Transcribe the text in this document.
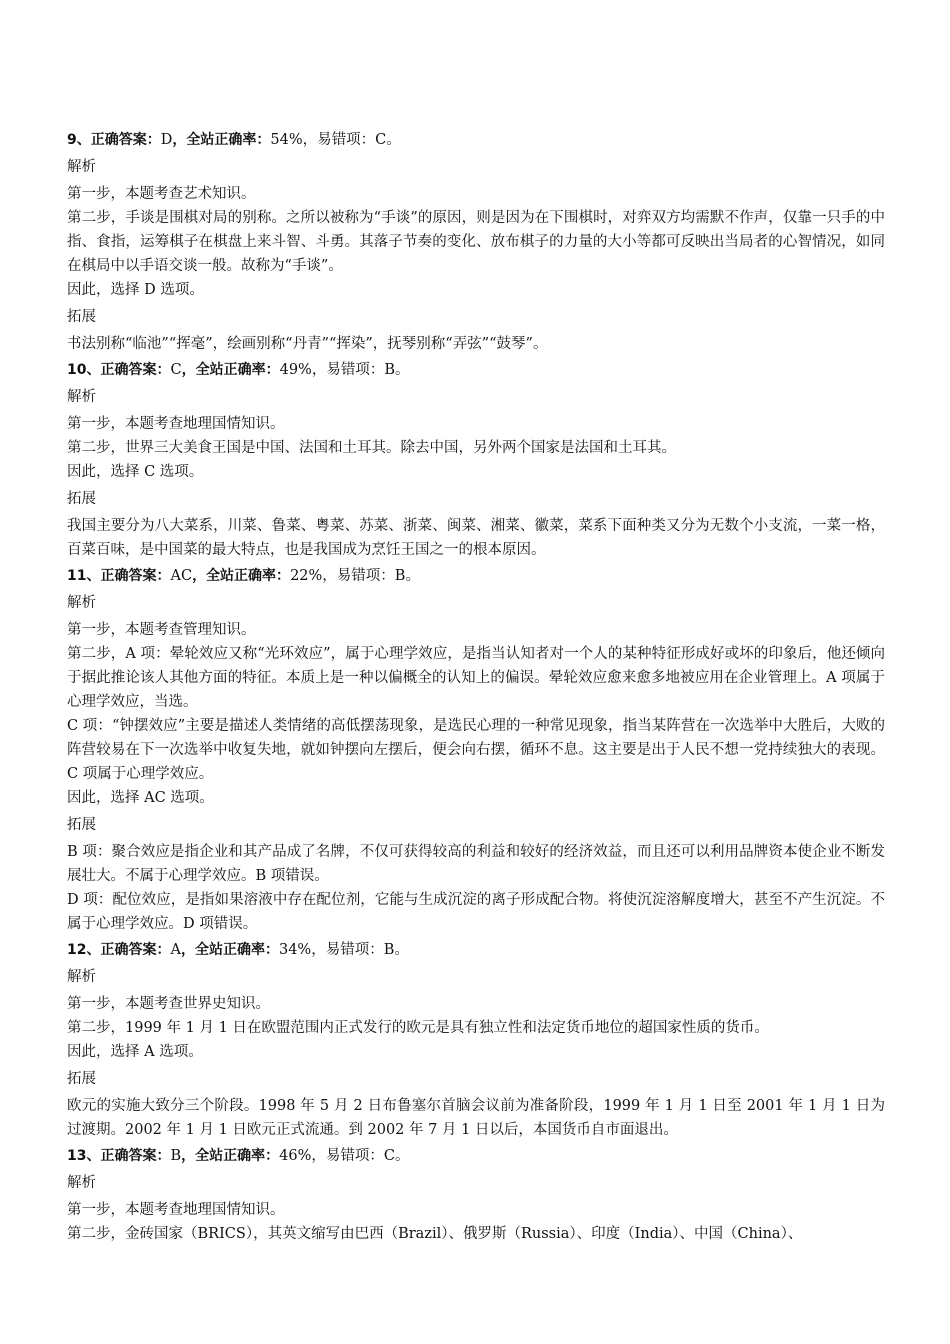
9、正确答案：D，全站正确率：54%，易错项：C。

解析

第一步，本题考查艺术知识。

第二步，手谈是围棋对局的别称。之所以被称为“手谈”的原因，则是因为在下围棋时，对弈双方均需默不作声，仅靠一只手的中指、食指，运筹棋子在棋盘上来斗智、斗勇。其落子节奏的变化、放布棋子的力量的大小等都可反映出当局者的心智情况，如同在棋局中以手语交谈一般。故称为“手谈”。

因此，选择 D 选项。

拓展

书法别称“临池”“挥毫”，绘画别称“丹青”“挥染”，抚琴别称“弄弦”“鼓琴”。

10、正确答案：C，全站正确率：49%，易错项：B。

解析

第一步，本题考查地理国情知识。

第二步，世界三大美食王国是中国、法国和土耳其。除去中国，另外两个国家是法国和土耳其。

因此，选择 C 选项。

拓展

我国主要分为八大菜系，川菜、鲁菜、粤菜、苏菜、浙菜、闽菜、湘菜、徽菜，菜系下面种类又分为无数个小支流，一菜一格，百菜百味，是中国菜的最大特点，也是我国成为烹饪王国之一的根本原因。

11、正确答案：AC，全站正确率：22%，易错项：B。

解析

第一步，本题考查管理知识。

第二步，A 项：晕轮效应又称“光环效应”，属于心理学效应，是指当认知者对一个人的某种特征形成好或坏的印象后，他还倾向于据此推论该人其他方面的特征。本质上是一种以偏概全的认知上的偏误。晕轮效应愈来愈多地被应用在企业管理上。A 项属于心理学效应，当选。

C 项：“钟摆效应”主要是描述人类情绪的高低摆荡现象，是选民心理的一种常见现象，指当某阵营在一次选举中大胜后，大败的阵营较易在下一次选举中收复失地，就如钟摆向左摆后，便会向右摆，循环不息。这主要是出于人民不想一党持续独大的表现。C 项属于心理学效应。

因此，选择 AC 选项。

拓展

B 项：聚合效应是指企业和其产品成了名牌，不仅可获得较高的利益和较好的经济效益，而且还可以利用品牌资本使企业不断发展壮大。不属于心理学效应。B 项错误。

D 项：配位效应，是指如果溶液中存在配位剂，它能与生成沉淀的离子形成配合物。将使沉淀溶解度增大，甚至不产生沉淀。不属于心理学效应。D 项错误。

12、正确答案：A，全站正确率：34%，易错项：B。

解析

第一步，本题考查世界史知识。

第二步，1999 年 1 月 1 日在欧盟范围内正式发行的欧元是具有独立性和法定货币地位的超国家性质的货币。

因此，选择 A 选项。

拓展

欧元的实施大致分三个阶段。1998 年 5 月 2 日布鲁塞尔首脑会议前为准备阶段，1999 年 1 月 1 日至 2001 年 1 月 1 日为过渡期。2002 年 1 月 1 日欧元正式流通。到 2002 年 7 月 1 日以后，本国货币自市面退出。

13、正确答案：B，全站正确率：46%，易错项：C。

解析

第一步，本题考查地理国情知识。

第二步，金砖国家（BRICS），其英文缩写由巴西（Brazil）、俄罗斯（Russia）、印度（India）、中国（China）、
